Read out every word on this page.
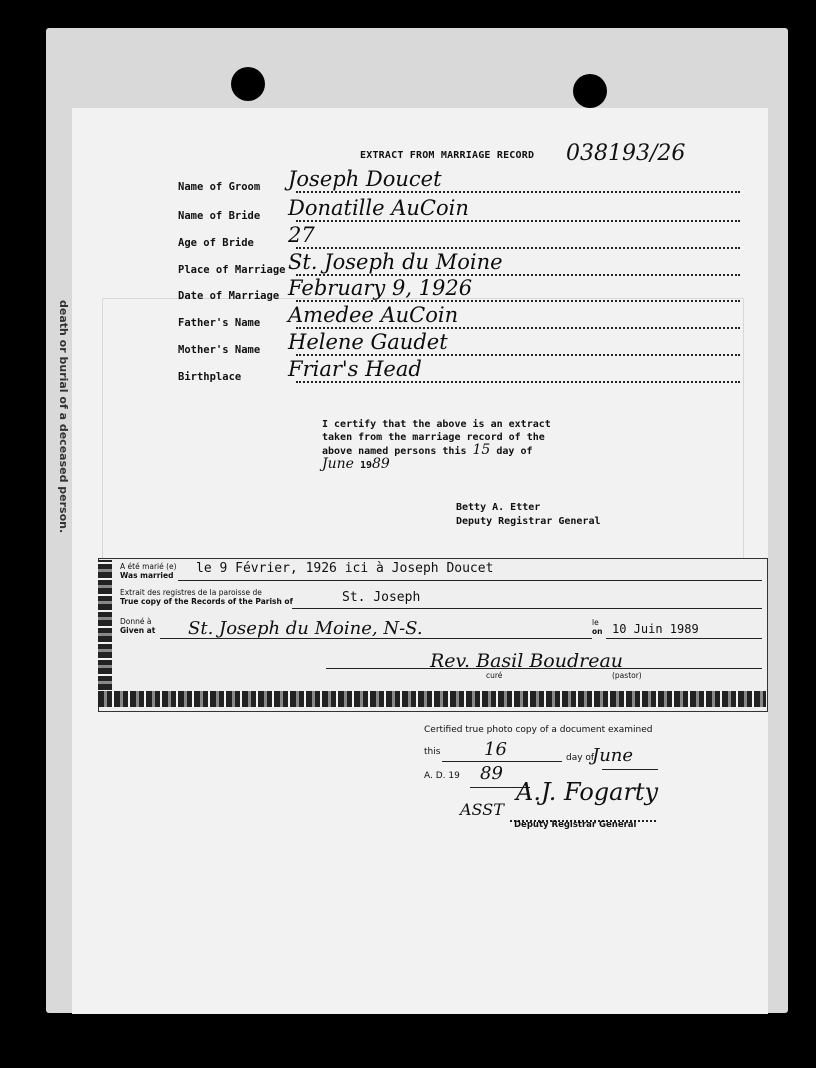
death or burial of a deceased person.
EXTRACT FROM MARRIAGE RECORD 038193/26
Name of Groom Joseph Doucet
Name of Bride Donatille AuCoin
Age of Bride 27
Place of Marriage St. Joseph du Moine
Date of Marriage February 9, 1926
Father's Name Amedee AuCoin
Mother's Name Helene Gaudet
Birthplace Friar's Head
I certify that the above is an extract
taken from the marriage record of the
above named persons this 15 day of
June 1989
Betty A. Etter
Deputy Registrar General
A été marié (e)
Was married le 9 Février, 1926 ici à Joseph Doucet
Extrait des registres de la paroisse de
True copy of the Records of the Parish of	St. Joseph
Donné à
Given at St. Joseph du Moine, N-S.	le
on 10 Juin 1989
Rev. Basil Boudreau
curé	(pastor)
Certified true photo copy of a document examined
this 16	day of
June
A. D. 19 89
ASST
A.J. Fogarty
Deputy Registrar General
